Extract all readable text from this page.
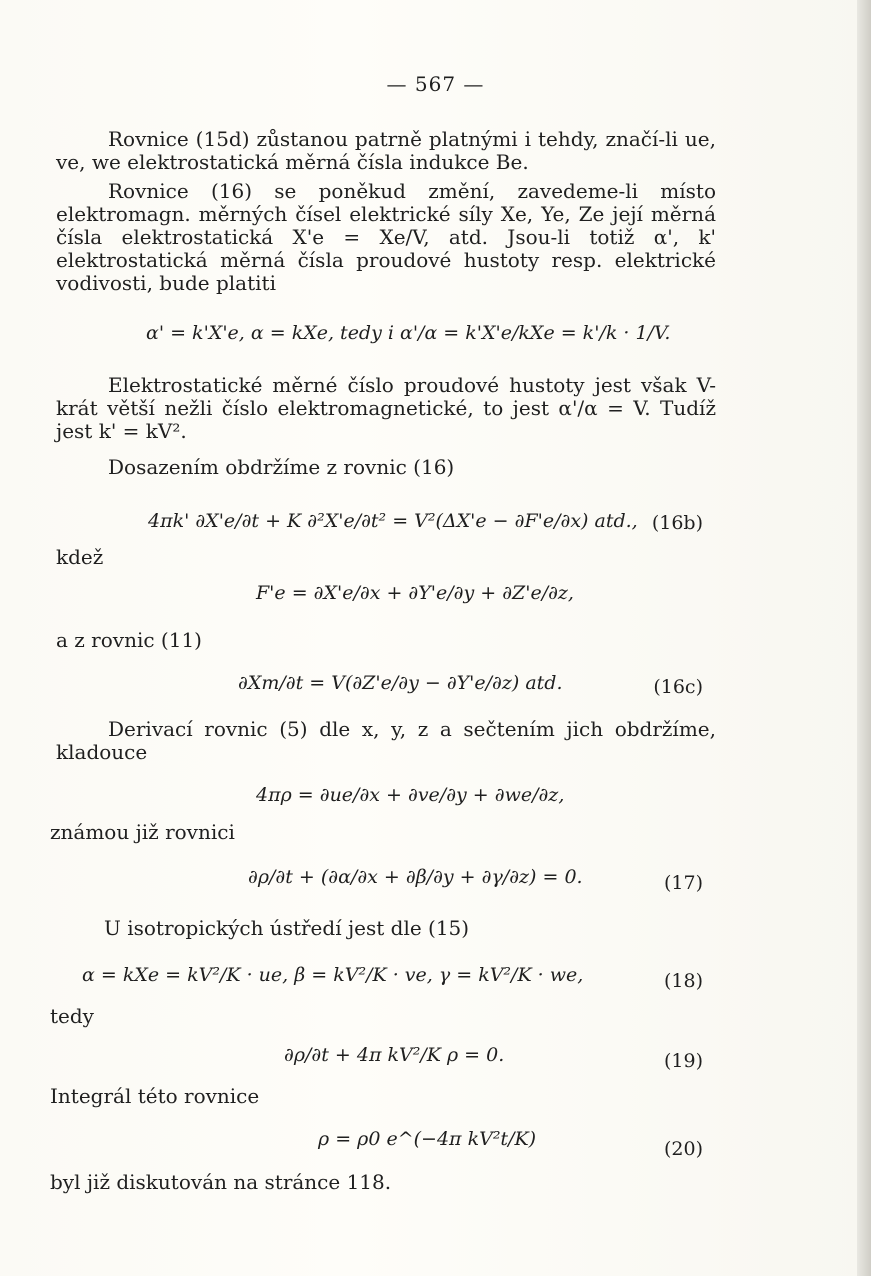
— 567 —
Rovnice (15d) zůstanou patrně platnými i tehdy, značí-li ue, ve, we elektrostatická měrná čísla indukce Be.
Rovnice (16) se poněkud změní, zavedeme-li místo elektromagn. měrných čísel elektrické síly Xe, Ye, Ze její měrná čísla elektrostatická X'e = Xe/V, atd. Jsou-li totiž α', k' elektrostatická měrná čísla proudové hustoty resp. elektrické vodivosti, bude platiti
α' = k'X'e, α = kXe, tedy i α'/α = k'X'e/kXe = k'/k · 1/V.
Elektrostatické měrné číslo proudové hustoty jest však V-krát větší nežli číslo elektromagnetické, to jest α'/α = V. Tudíž jest k' = kV².
Dosazením obdržíme z rovnic (16)
4πk' ∂X'e/∂t + K ∂²X'e/∂t² = V²(ΔX'e − ∂F'e/∂x) atd., (16b)
kdež
F'e = ∂X'e/∂x + ∂Y'e/∂y + ∂Z'e/∂z,
a z rovnic (11)
∂Xm/∂t = V(∂Z'e/∂y − ∂Y'e/∂z) atd.	(16c)
Derivací rovnic (5) dle x, y, z a sečtením jich obdržíme, kladouce
4πρ = ∂ue/∂x + ∂ve/∂y + ∂we/∂z,
známou již rovnici
∂ρ/∂t + (∂α/∂x + ∂β/∂y + ∂γ/∂z) = 0.	(17)
U isotropických ústředí jest dle (15)
α = kXe = kV²/K · ue, β = kV²/K · ve, γ = kV²/K · we,	(18)
tedy
∂ρ/∂t + 4π kV²/K ρ = 0.	(19)
Integrál této rovnice
ρ = ρ0 e^(−4π kV²t/K)	(20)
byl již diskutován na stránce 118.
